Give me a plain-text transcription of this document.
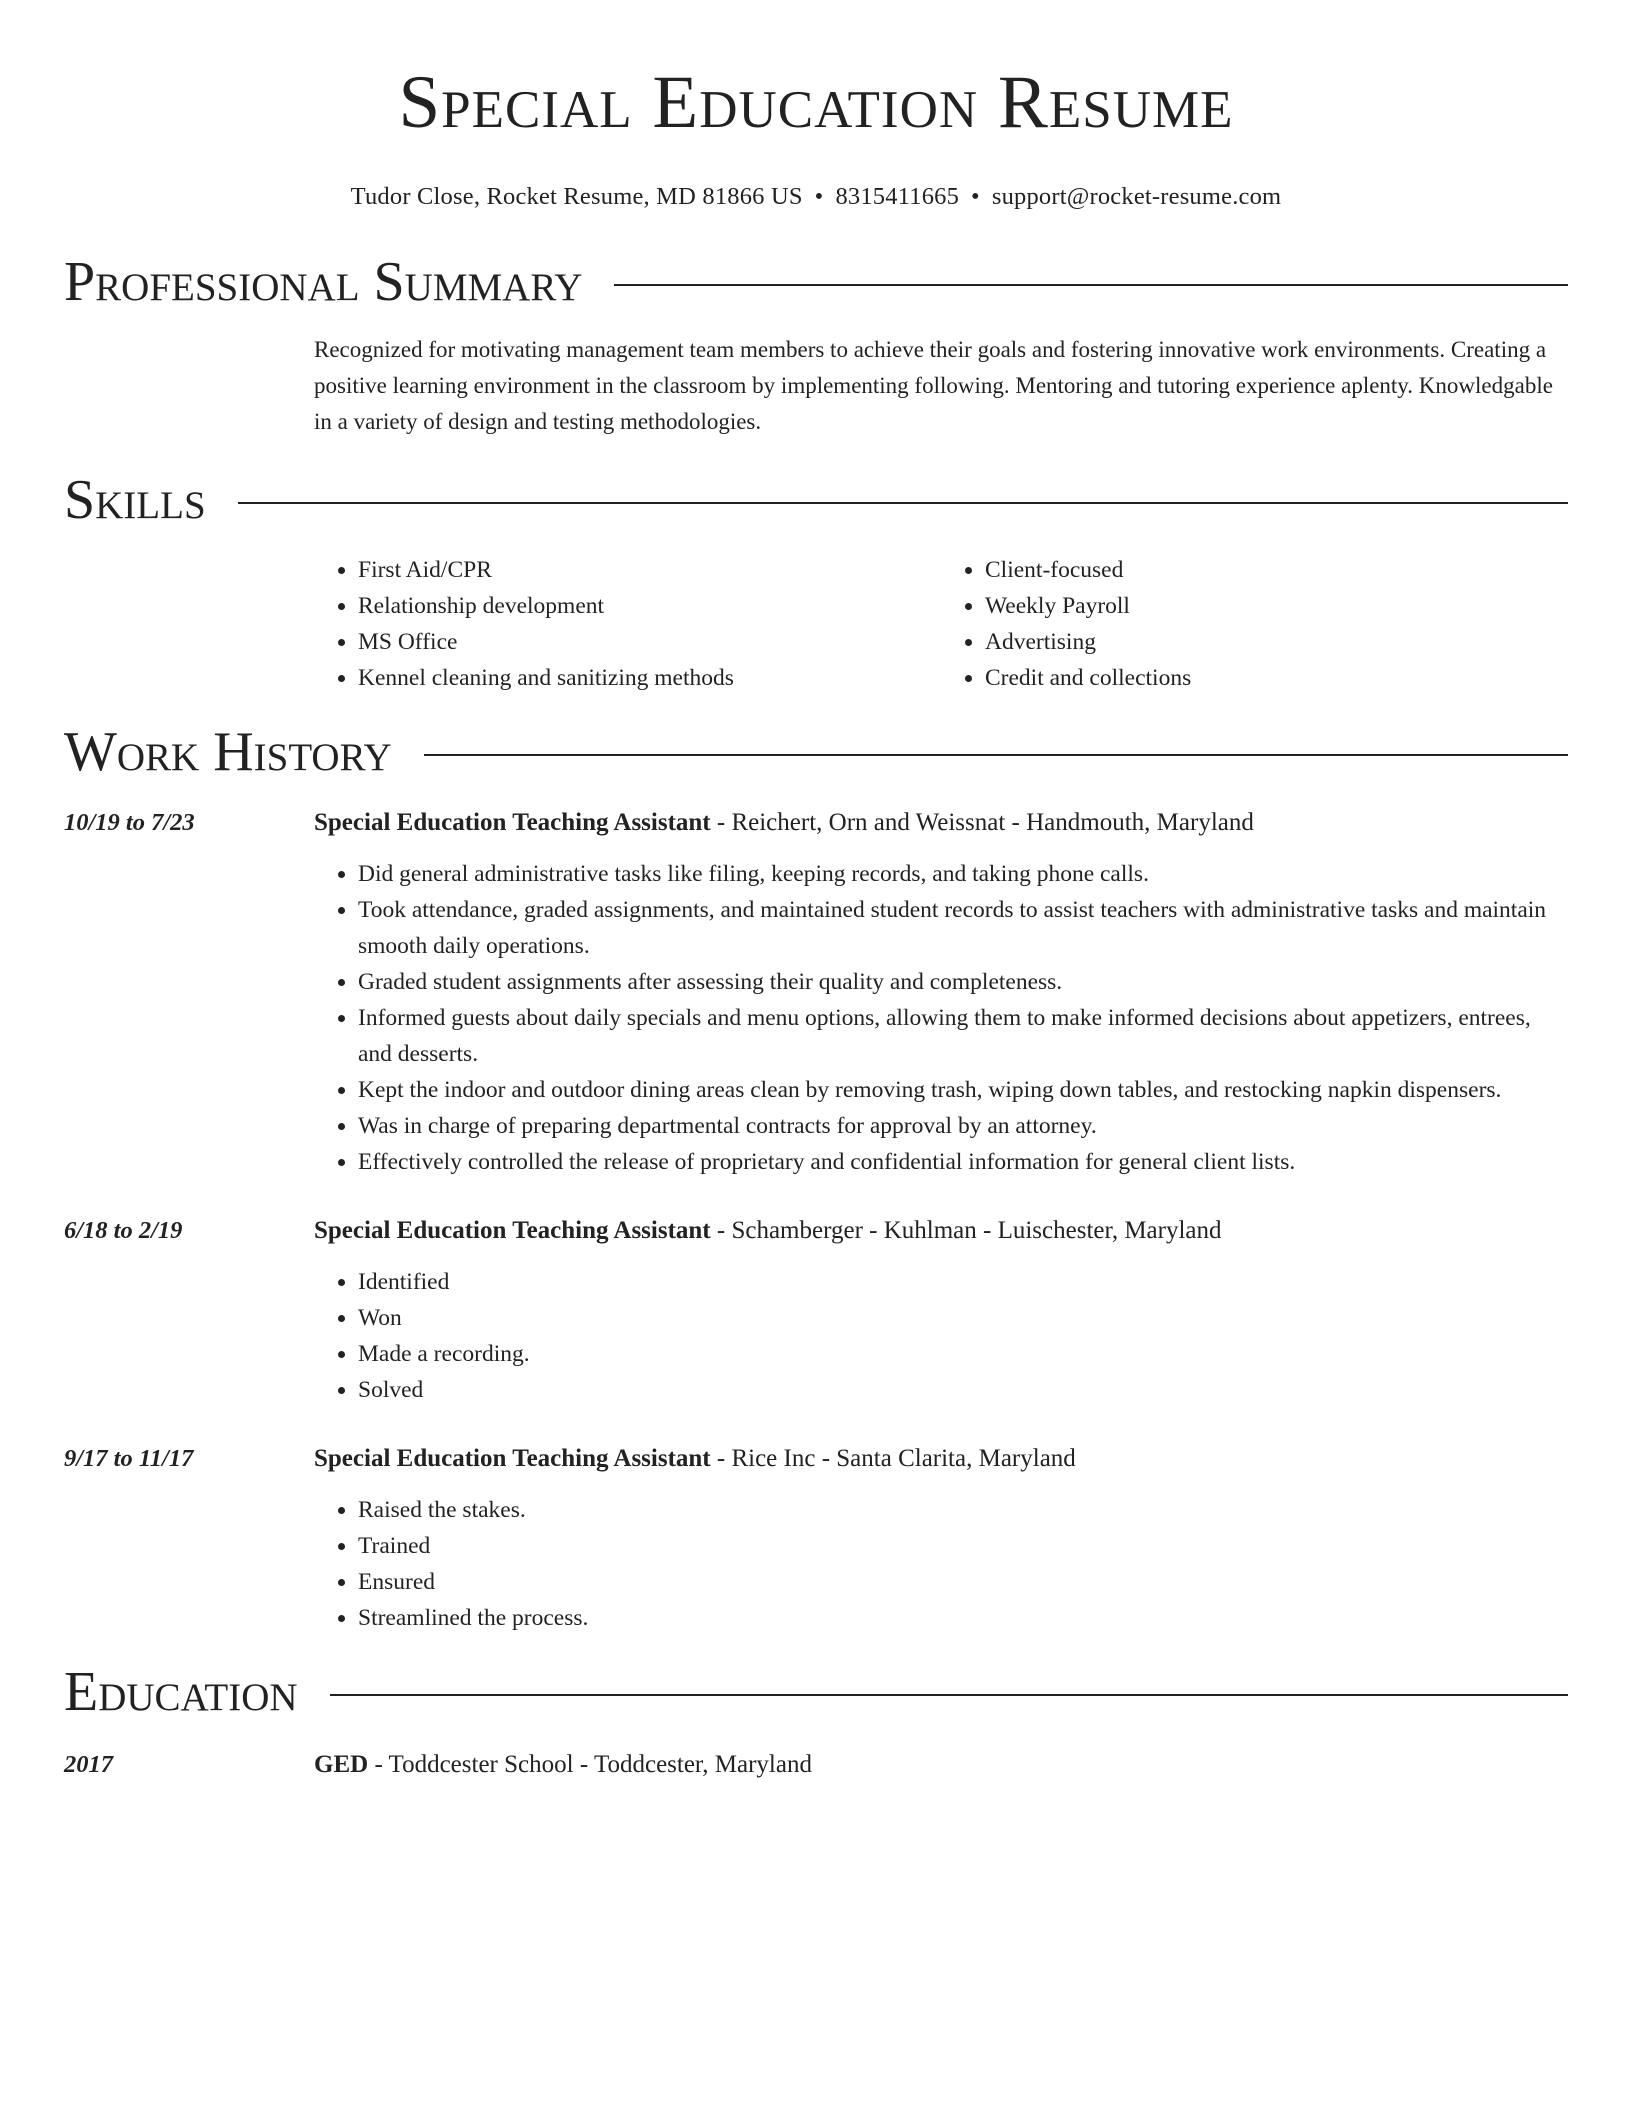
Special Education Resume
Tudor Close, Rocket Resume, MD 81866 US • 8315411665 • support@rocket-resume.com
Professional Summary
Recognized for motivating management team members to achieve their goals and fostering innovative work environments. Creating a positive learning environment in the classroom by implementing following. Mentoring and tutoring experience aplenty. Knowledgable in a variety of design and testing methodologies.
Skills
• First Aid/CPR
• Relationship development
• MS Office
• Kennel cleaning and sanitizing methods
• Client-focused
• Weekly Payroll
• Advertising
• Credit and collections
Work History
10/19 to 7/23	Special Education Teaching Assistant - Reichert, Orn and Weissnat - Handmouth, Maryland
• Did general administrative tasks like filing, keeping records, and taking phone calls.
• Took attendance, graded assignments, and maintained student records to assist teachers with administrative tasks and maintain smooth daily operations.
• Graded student assignments after assessing their quality and completeness.
• Informed guests about daily specials and menu options, allowing them to make informed decisions about appetizers, entrees, and desserts.
• Kept the indoor and outdoor dining areas clean by removing trash, wiping down tables, and restocking napkin dispensers.
• Was in charge of preparing departmental contracts for approval by an attorney.
• Effectively controlled the release of proprietary and confidential information for general client lists.
6/18 to 2/19	Special Education Teaching Assistant - Schamberger - Kuhlman - Luischester, Maryland
• Identified
• Won
• Made a recording.
• Solved
9/17 to 11/17	Special Education Teaching Assistant - Rice Inc - Santa Clarita, Maryland
• Raised the stakes.
• Trained
• Ensured
• Streamlined the process.
Education
2017	GED - Toddcester School - Toddcester, Maryland
